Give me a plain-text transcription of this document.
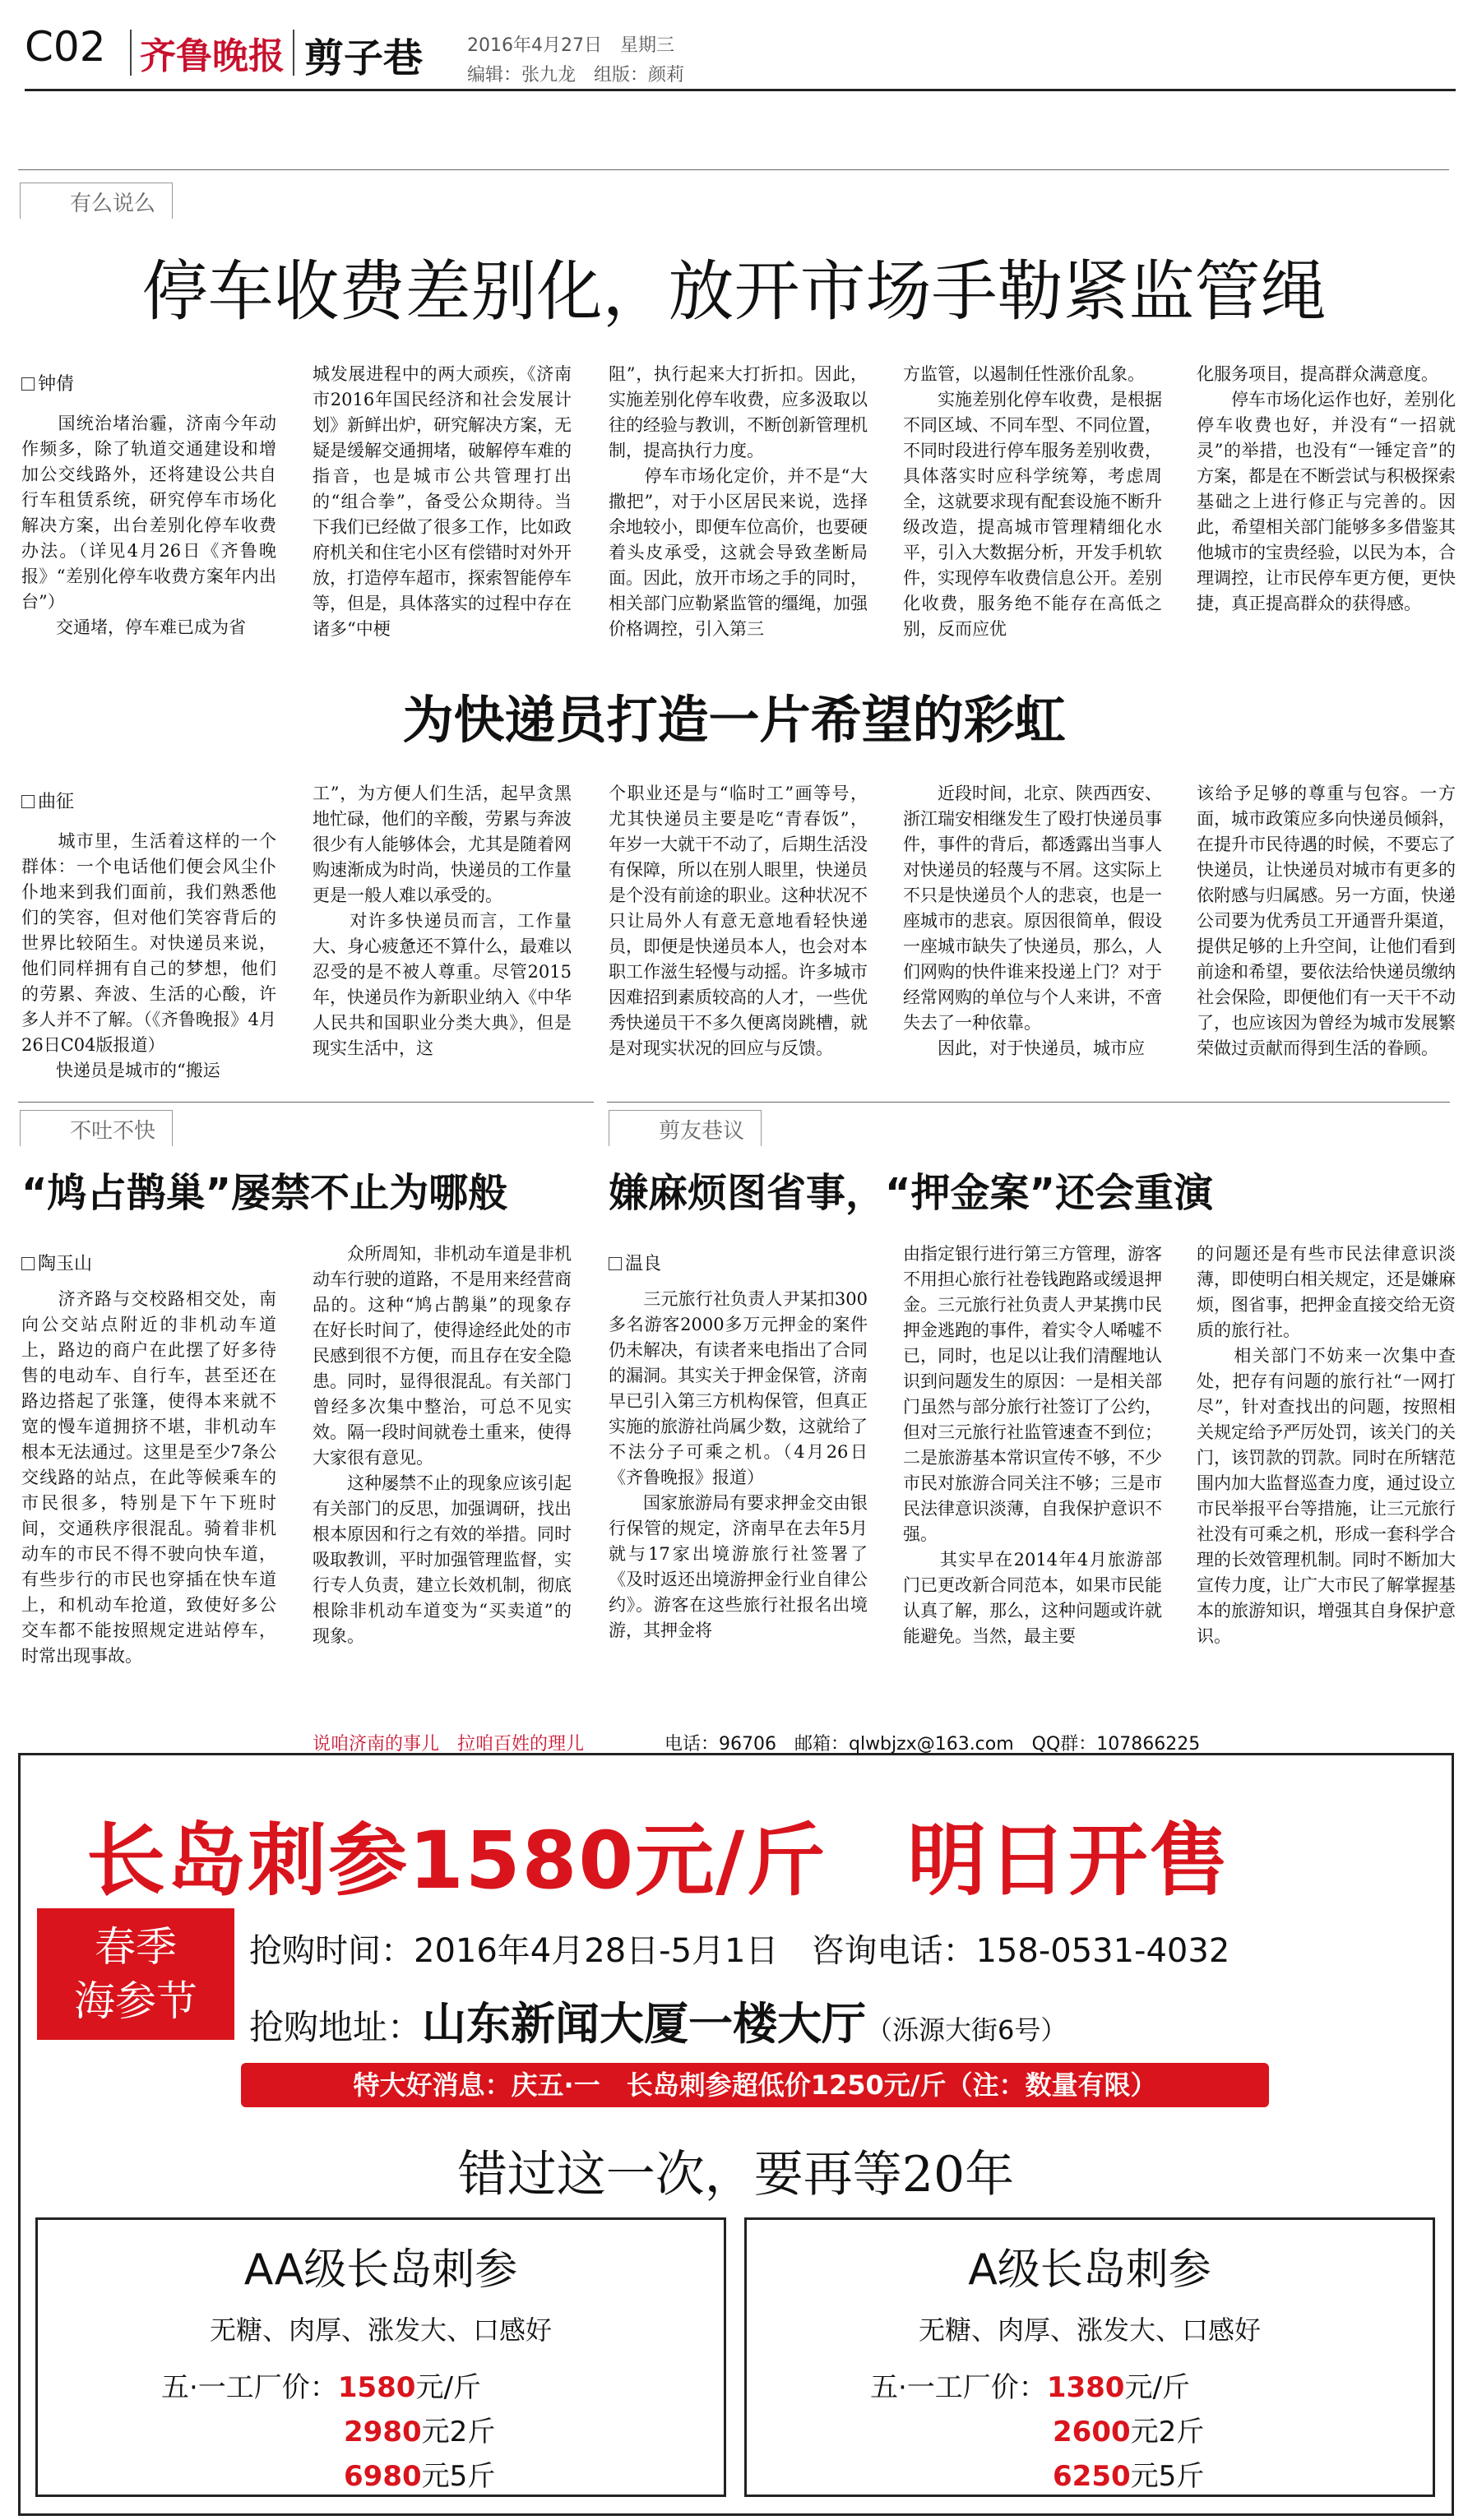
C02 齐鲁晚报 剪子巷 2016年4月27日　星期三
编辑：张九龙　组版：颜莉
有么说么
停车收费差别化，放开市场手勒紧监管绳
钟倩
　　国统治堵治霾，济南今年动作频多，除了轨道交通建设和增加公交线路外，还将建设公共自行车租赁系统，研究停车市场化解决方案，出台差别化停车收费办法。（详见4月26日《齐鲁晚报》“差别化停车收费方案年内出台”）
　　交通堵，停车难已成为省
城发展进程中的两大顽疾，《济南市2016年国民经济和社会发展计划》新鲜出炉，研究解决方案，无疑是缓解交通拥堵，破解停车难的指音，也是城市公共管理打出的“组合拳”，备受公众期待。当下我们已经做了很多工作，比如政府机关和住宅小区有偿错时对外开放，打造停车超市，探索智能停车等，但是，具体落实的过程中存在诸多“中梗
阻”，执行起来大打折扣。因此，实施差别化停车收费，应多汲取以往的经验与教训，不断创新管理机制，提高执行力度。
　　停车市场化定价，并不是“大撒把”，对于小区居民来说，选择余地较小，即便车位高价，也要硬着头皮承受，这就会导致垄断局面。因此，放开市场之手的同时，相关部门应勒紧监管的缰绳，加强价格调控，引入第三
方监管，以遏制任性涨价乱象。
　　实施差别化停车收费，是根据不同区域、不同车型、不同位置，不同时段进行停车服务差别收费，具体落实时应科学统筹，考虑周全，这就要求现有配套设施不断升级改造，提高城市管理精细化水平，引入大数据分析，开发手机软件，实现停车收费信息公开。差别化收费，服务绝不能存在高低之别，反而应优
化服务项目，提高群众满意度。
　　停车市场化运作也好，差别化停车收费也好，并没有“一招就灵”的举措，也没有“一锤定音”的方案，都是在不断尝试与积极探索基础之上进行修正与完善的。因此，希望相关部门能够多多借鉴其他城市的宝贵经验，以民为本，合理调控，让市民停车更方便，更快捷，真正提高群众的获得感。
为快递员打造一片希望的彩虹
曲征
　　城市里，生活着这样的一个群体：一个电话他们便会风尘仆仆地来到我们面前，我们熟悉他们的笑容，但对他们笑容背后的世界比较陌生。对快递员来说，他们同样拥有自己的梦想，他们的劳累、奔波、生活的心酸，许多人并不了解。（《齐鲁晚报》4月26日C04版报道）
　　快递员是城市的“搬运
工”，为方便人们生活，起早贪黑地忙碌，他们的辛酸，劳累与奔波很少有人能够体会，尤其是随着网购速渐成为时尚，快递员的工作量更是一般人难以承受的。
　　对许多快递员而言，工作量大、身心疲惫还不算什么，最难以忍受的是不被人尊重。尽管2015年，快递员作为新职业纳入《中华人民共和国职业分类大典》，但是现实生活中，这
个职业还是与“临时工”画等号，尤其快递员主要是吃“青春饭”，年岁一大就干不动了，后期生活没有保障，所以在别人眼里，快递员是个没有前途的职业。这种状况不只让局外人有意无意地看轻快递员，即便是快递员本人，也会对本职工作滋生轻慢与动摇。许多城市因难招到素质较高的人才，一些优秀快递员干不多久便离岗跳槽，就是对现实状况的回应与反馈。
　　近段时间，北京、陕西西安、浙江瑞安相继发生了殴打快递员事件，事件的背后，都透露出当事人对快递员的轻蔑与不屑。这实际上不只是快递员个人的悲哀，也是一座城市的悲哀。原因很简单，假设一座城市缺失了快递员，那么，人们网购的快件谁来投递上门？对于经常网购的单位与个人来讲，不啻失去了一种依靠。
　　因此，对于快递员，城市应
该给予足够的尊重与包容。一方面，城市政策应多向快递员倾斜，在提升市民待遇的时候，不要忘了快递员，让快递员对城市有更多的依附感与归属感。另一方面，快递公司要为优秀员工开通晋升渠道，提供足够的上升空间，让他们看到前途和希望，要依法给快递员缴纳社会保险，即便他们有一天干不动了，也应该因为曾经为城市发展繁荣做过贡献而得到生活的眷顾。
不吐不快
“鸠占鹊巢”屡禁不止为哪般
陶玉山
　　济齐路与交校路相交处，南向公交站点附近的非机动车道上，路边的商户在此摆了好多待售的电动车、自行车，甚至还在路边搭起了张篷，使得本来就不宽的慢车道拥挤不堪，非机动车根本无法通过。这里是至少7条公交线路的站点，在此等候乘车的市民很多，特别是下午下班时间，交通秩序很混乱。骑着非机动车的市民不得不驶向快车道，有些步行的市民也穿插在快车道上，和机动车抢道，致使好多公交车都不能按照规定进站停车，时常出现事故。
　　众所周知，非机动车道是非机动车行驶的道路，不是用来经营商品的。这种“鸠占鹊巢”的现象存在好长时间了，使得途经此处的市民感到很不方便，而且存在安全隐患。同时，显得很混乱。有关部门曾经多次集中整治，可总不见实效。隔一段时间就卷土重来，使得大家很有意见。
　　这种屡禁不止的现象应该引起有关部门的反思，加强调研，找出根本原因和行之有效的举措。同时吸取教训，平时加强管理监督，实行专人负责，建立长效机制，彻底根除非机动车道变为“买卖道”的现象。
剪友巷议
嫌麻烦图省事，“押金案”还会重演
温良
　　三元旅行社负责人尹某扣300多名游客2000多万元押金的案件仍未解决，有读者来电指出了合同的漏洞。其实关于押金保管，济南早已引入第三方机构保管，但真正实施的旅游社尚属少数，这就给了不法分子可乘之机。（4月26日《齐鲁晚报》报道）
　　国家旅游局有要求押金交由银行保管的规定，济南早在去年5月就与17家出境游旅行社签署了《及时返还出境游押金行业自律公约》。游客在这些旅行社报名出境游，其押金将
由指定银行进行第三方管理，游客不用担心旅行社卷钱跑路或缓退押金。三元旅行社负责人尹某携巾民押金逃跑的事件，着实令人唏嘘不已，同时，也足以让我们清醒地认识到问题发生的原因：一是相关部门虽然与部分旅行社签订了公约，但对三元旅行社监管速查不到位；二是旅游基本常识宣传不够，不少市民对旅游合同关注不够；三是市民法律意识淡薄，自我保护意识不强。
　　其实早在2014年4月旅游部门已更改新合同范本，如果市民能认真了解，那么，这种问题或许就能避免。当然，最主要
的问题还是有些市民法律意识淡薄，即使明白相关规定，还是嫌麻烦，图省事，把押金直接交给无资质的旅行社。
　　相关部门不妨来一次集中查处，把存有问题的旅行社“一网打尽”，针对查找出的问题，按照相关规定给予严厉处罚，该关门的关门，该罚款的罚款。同时在所辖范围内加大监督巡查力度，通过设立市民举报平台等措施，让三元旅行社没有可乘之机，形成一套科学合理的长效管理机制。同时不断加大宣传力度，让广大市民了解掌握基本的旅游知识，增强其自身保护意识。
说咱济南的事儿　拉咱百姓的理儿	电话：96706　邮箱：qlwbjzx@163.com　QQ群：107866225
长岛刺参1580元/斤　明日开售
春季
海参节
抢购时间：2016年4月28日-5月1日　咨询电话：158-0531-4032
抢购地址：山东新闻大厦一楼大厅（泺源大街6号）
特大好消息：庆五·一　长岛刺参超低价1250元/斤（注：数量有限）
错过这一次，要再等20年
AA级长岛刺参
无糖、肉厚、涨发大、口感好
五·一工厂价：1580元/斤
2980元2斤
6980元5斤
A级长岛刺参
无糖、肉厚、涨发大、口感好
五·一工厂价：1380元/斤
2600元2斤
6250元5斤
